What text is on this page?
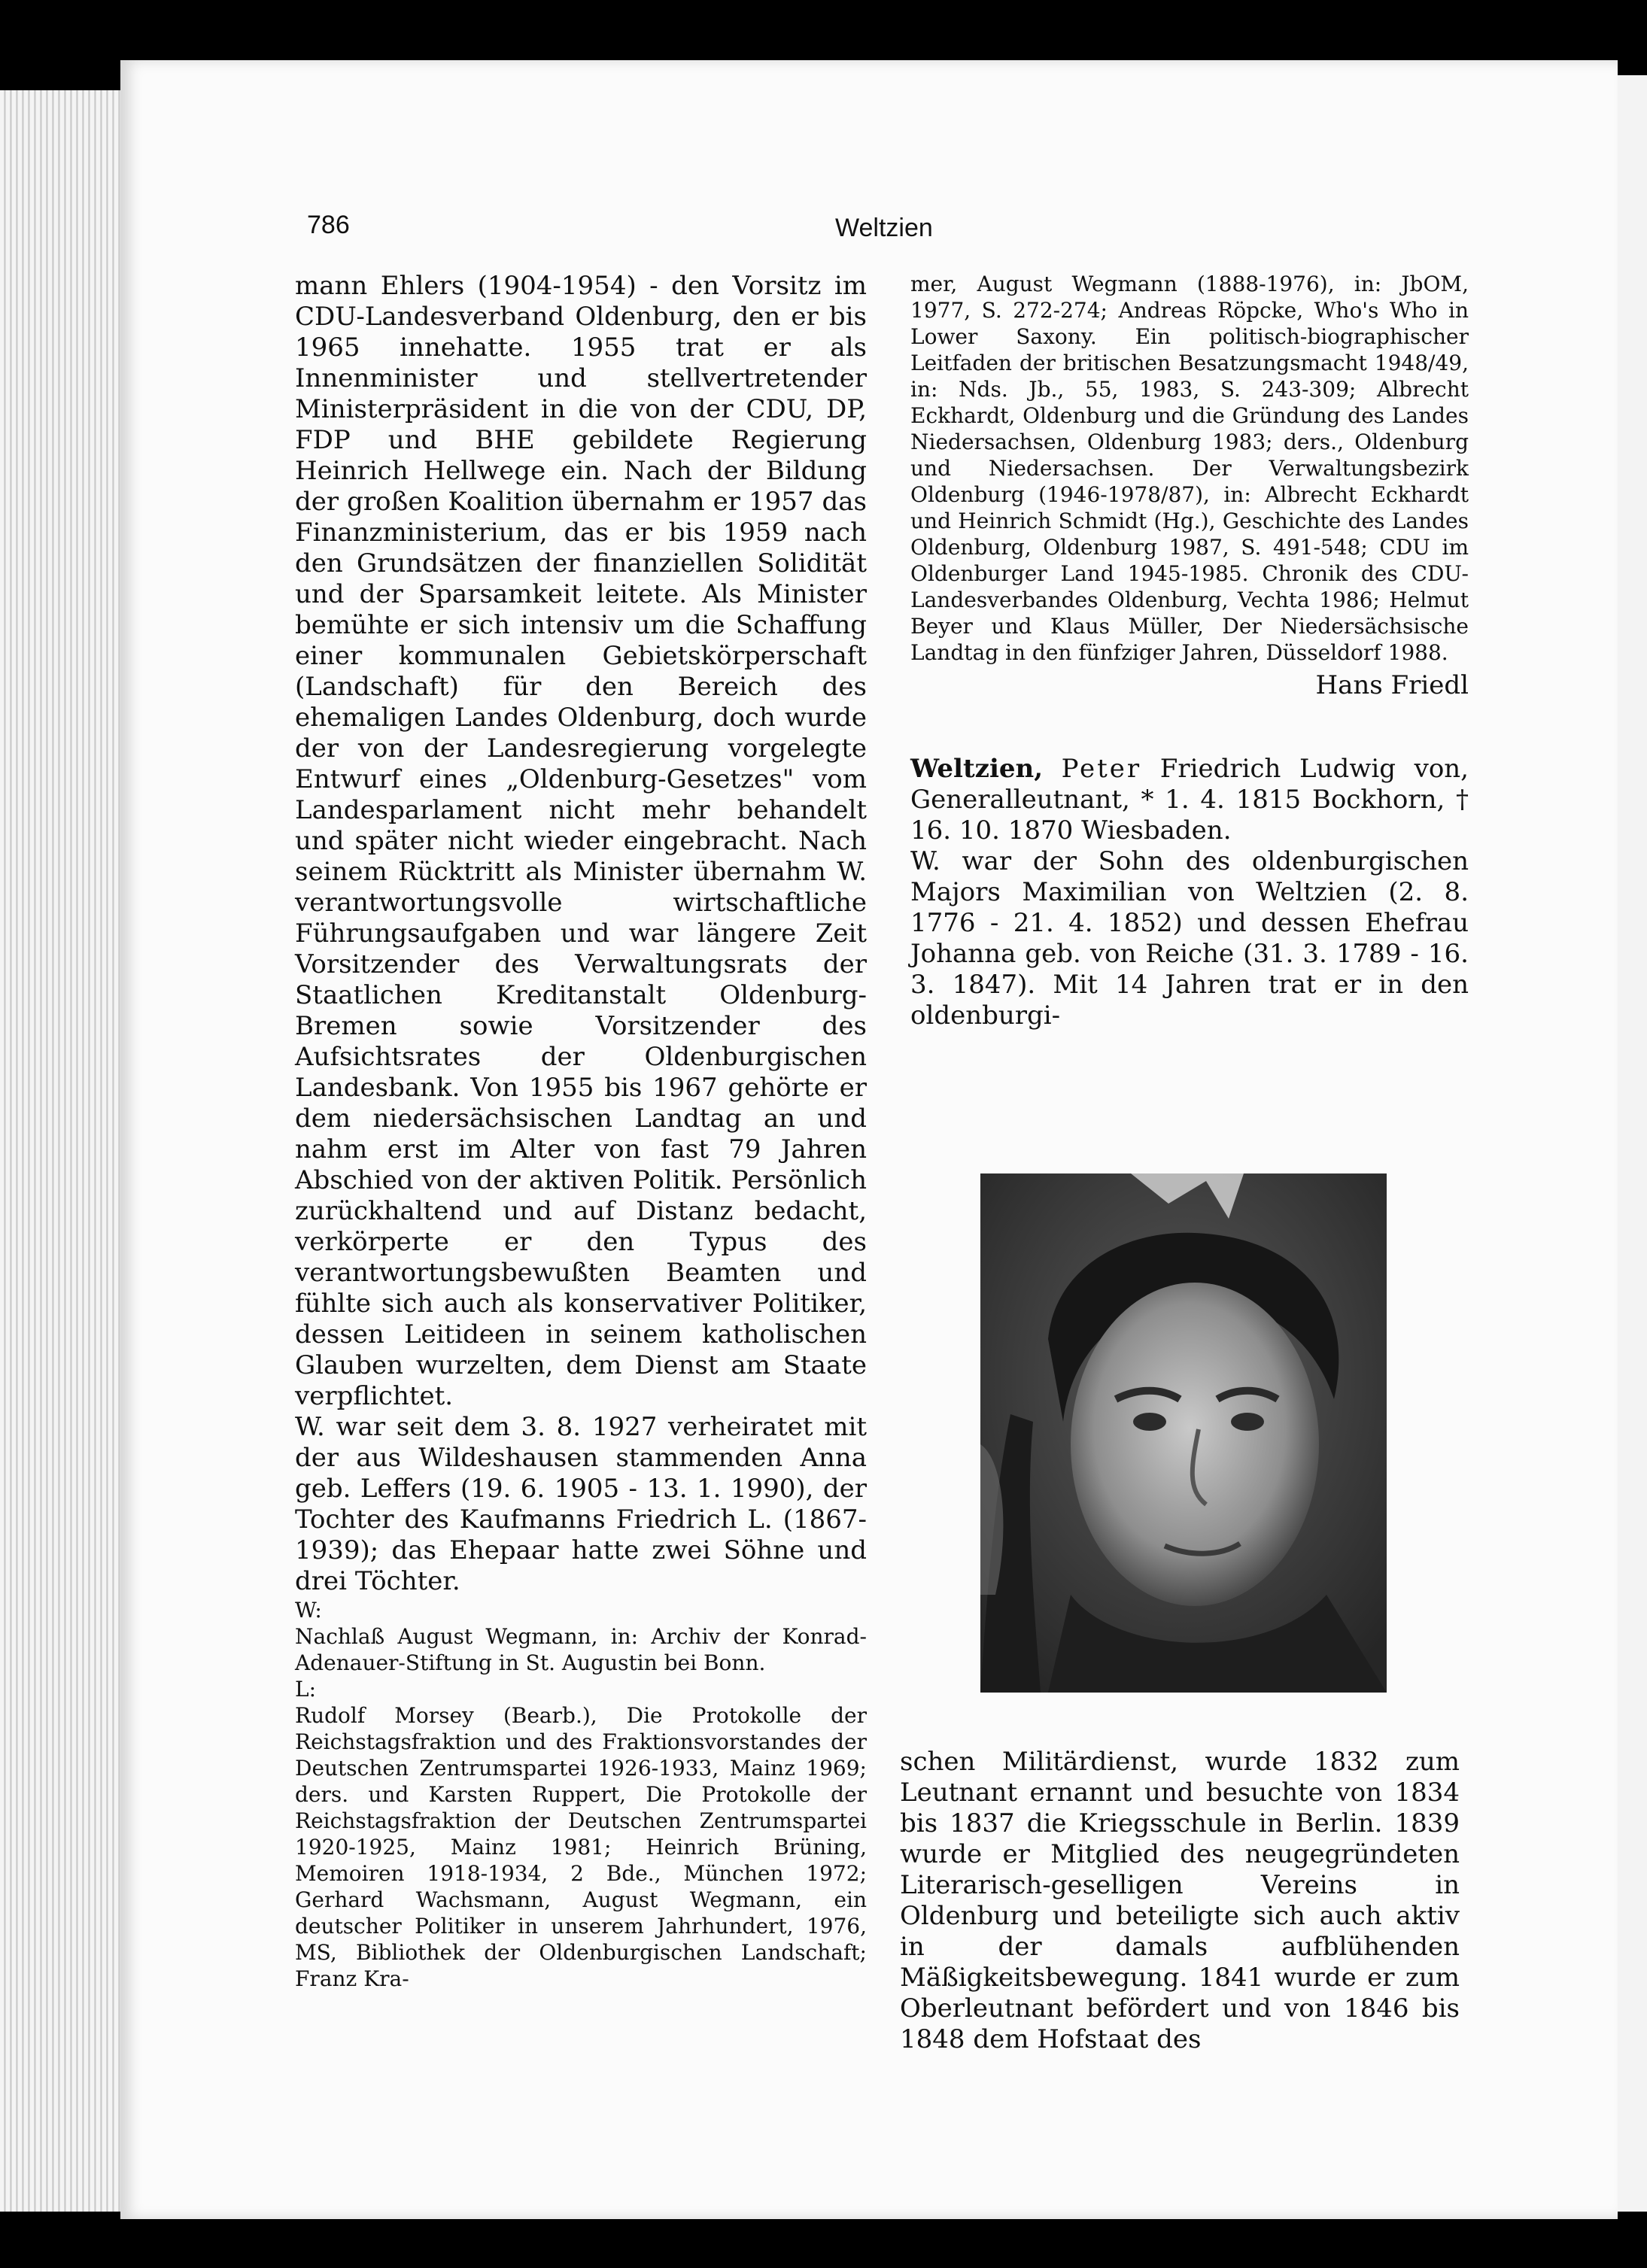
786	Weltzien

mann Ehlers (1904-1954) - den Vorsitz im CDU-Landesverband Oldenburg, den er bis 1965 innehatte. 1955 trat er als Innenminister und stellvertretender Ministerpräsident in die von der CDU, DP, FDP und BHE gebildete Regierung Heinrich Hellwege ein. Nach der Bildung der großen Koalition übernahm er 1957 das Finanzministerium, das er bis 1959 nach den Grundsätzen der finanziellen Solidität und der Sparsamkeit leitete. Als Minister bemühte er sich intensiv um die Schaffung einer kommunalen Gebietskörperschaft (Landschaft) für den Bereich des ehemaligen Landes Oldenburg, doch wurde der von der Landesregierung vorgelegte Entwurf eines „Oldenburg-Gesetzes" vom Landesparlament nicht mehr behandelt und später nicht wieder eingebracht. Nach seinem Rücktritt als Minister übernahm W. verantwortungsvolle wirtschaftliche Führungsaufgaben und war längere Zeit Vorsitzender des Verwaltungsrats der Staatlichen Kreditanstalt Oldenburg-Bremen sowie Vorsitzender des Aufsichtsrates der Oldenburgischen Landesbank. Von 1955 bis 1967 gehörte er dem niedersächsischen Landtag an und nahm erst im Alter von fast 79 Jahren Abschied von der aktiven Politik. Persönlich zurückhaltend und auf Distanz bedacht, verkörperte er den Typus des verantwortungsbewußten Beamten und fühlte sich auch als konservativer Politiker, dessen Leitideen in seinem katholischen Glauben wurzelten, dem Dienst am Staate verpflichtet.

W. war seit dem 3. 8. 1927 verheiratet mit der aus Wildeshausen stammenden Anna geb. Leffers (19. 6. 1905 - 13. 1. 1990), der Tochter des Kaufmanns Friedrich L. (1867-1939); das Ehepaar hatte zwei Söhne und drei Töchter.

W:

Nachlaß August Wegmann, in: Archiv der Konrad-Adenauer-Stiftung in St. Augustin bei Bonn.

L:

Rudolf Morsey (Bearb.), Die Protokolle der Reichstagsfraktion und des Fraktionsvorstandes der Deutschen Zentrumspartei 1926-1933, Mainz 1969; ders. und Karsten Ruppert, Die Protokolle der Reichstagsfraktion der Deutschen Zentrumspartei 1920-1925, Mainz 1981; Heinrich Brüning, Memoiren 1918-1934, 2 Bde., München 1972; Gerhard Wachsmann, August Wegmann, ein deutscher Politiker in unserem Jahrhundert, 1976, MS, Bibliothek der Oldenburgischen Landschaft; Franz Kra-

mer, August Wegmann (1888-1976), in: JbOM, 1977, S. 272-274; Andreas Röpcke, Who's Who in Lower Saxony. Ein politisch-biographischer Leitfaden der britischen Besatzungsmacht 1948/49, in: Nds. Jb., 55, 1983, S. 243-309; Albrecht Eckhardt, Oldenburg und die Gründung des Landes Niedersachsen, Oldenburg 1983; ders., Oldenburg und Niedersachsen. Der Verwaltungsbezirk Oldenburg (1946-1978/87), in: Albrecht Eckhardt und Heinrich Schmidt (Hg.), Geschichte des Landes Oldenburg, Oldenburg 1987, S. 491-548; CDU im Oldenburger Land 1945-1985. Chronik des CDU-Landesverbandes Oldenburg, Vechta 1986; Helmut Beyer und Klaus Müller, Der Niedersächsische Landtag in den fünfziger Jahren, Düsseldorf 1988.

Hans Friedl

Weltzien, Peter Friedrich Ludwig von, Generalleutnant, * 1. 4. 1815 Bockhorn, † 16. 10. 1870 Wiesbaden.

W. war der Sohn des oldenburgischen Majors Maximilian von Weltzien (2. 8. 1776 - 21. 4. 1852) und dessen Ehefrau Johanna geb. von Reiche (31. 3. 1789 - 16. 3. 1847). Mit 14 Jahren trat er in den oldenburgi-

schen Militärdienst, wurde 1832 zum Leutnant ernannt und besuchte von 1834 bis 1837 die Kriegsschule in Berlin. 1839 wurde er Mitglied des neugegründeten Literarisch-geselligen Vereins in Oldenburg und beteiligte sich auch aktiv in der damals aufblühenden Mäßigkeitsbewegung. 1841 wurde er zum Oberleutnant befördert und von 1846 bis 1848 dem Hofstaat des
